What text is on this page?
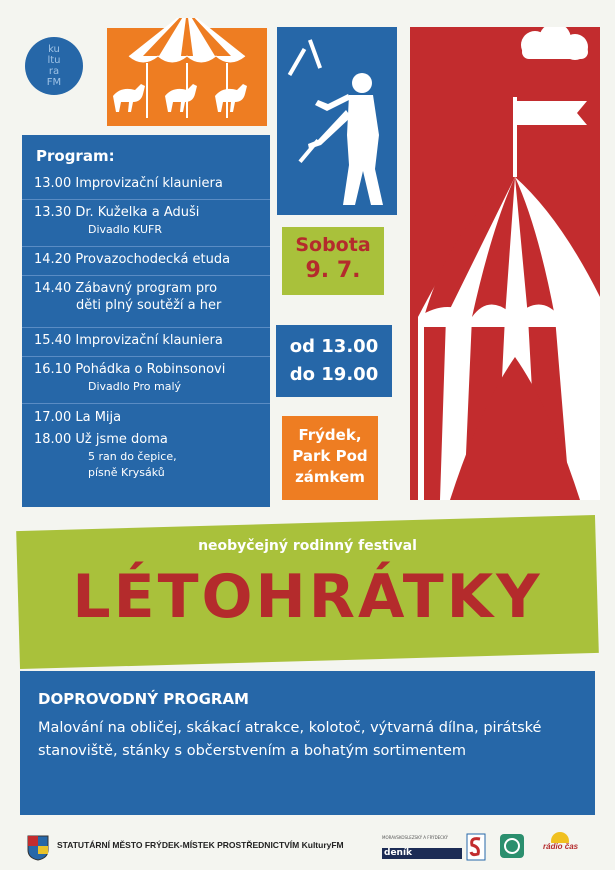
ku
ltu
ra
FM
Program:
13.00 Improvizační klauniera
13.30 Dr. Kuželka a Aduši
Divadlo KUFR
14.20 Provazochodecká etuda
14.40 Zábavný program pro
děti plný soutěží a her
15.40 Improvizační klauniera
16.10 Pohádka o Robinsonovi
Divadlo Pro malý
17.00 La Mija
18.00 Už jsme doma
5 ran do čepice,
písně Krysáků
Sobota
9. 7.
od 13.00
do 19.00
Frýdek,
Park Pod
zámkem
neobyčejný rodinný festival
LÉTOHRÁTKY
DOPROVODNÝ PROGRAM
Malování na obličej, skákací atrakce, kolotoč, výtvarná dílna, pirátské stanoviště, stánky s občerstvením a bohatým sortimentem
STATUTÁRNÍ MĚSTO FRÝDEK-MÍSTEK PROSTŘEDNICTVÍM KulturyFM
MORAVSKOSLEZSKÝ A FRÝDECKÝ
deník
rádio čas
